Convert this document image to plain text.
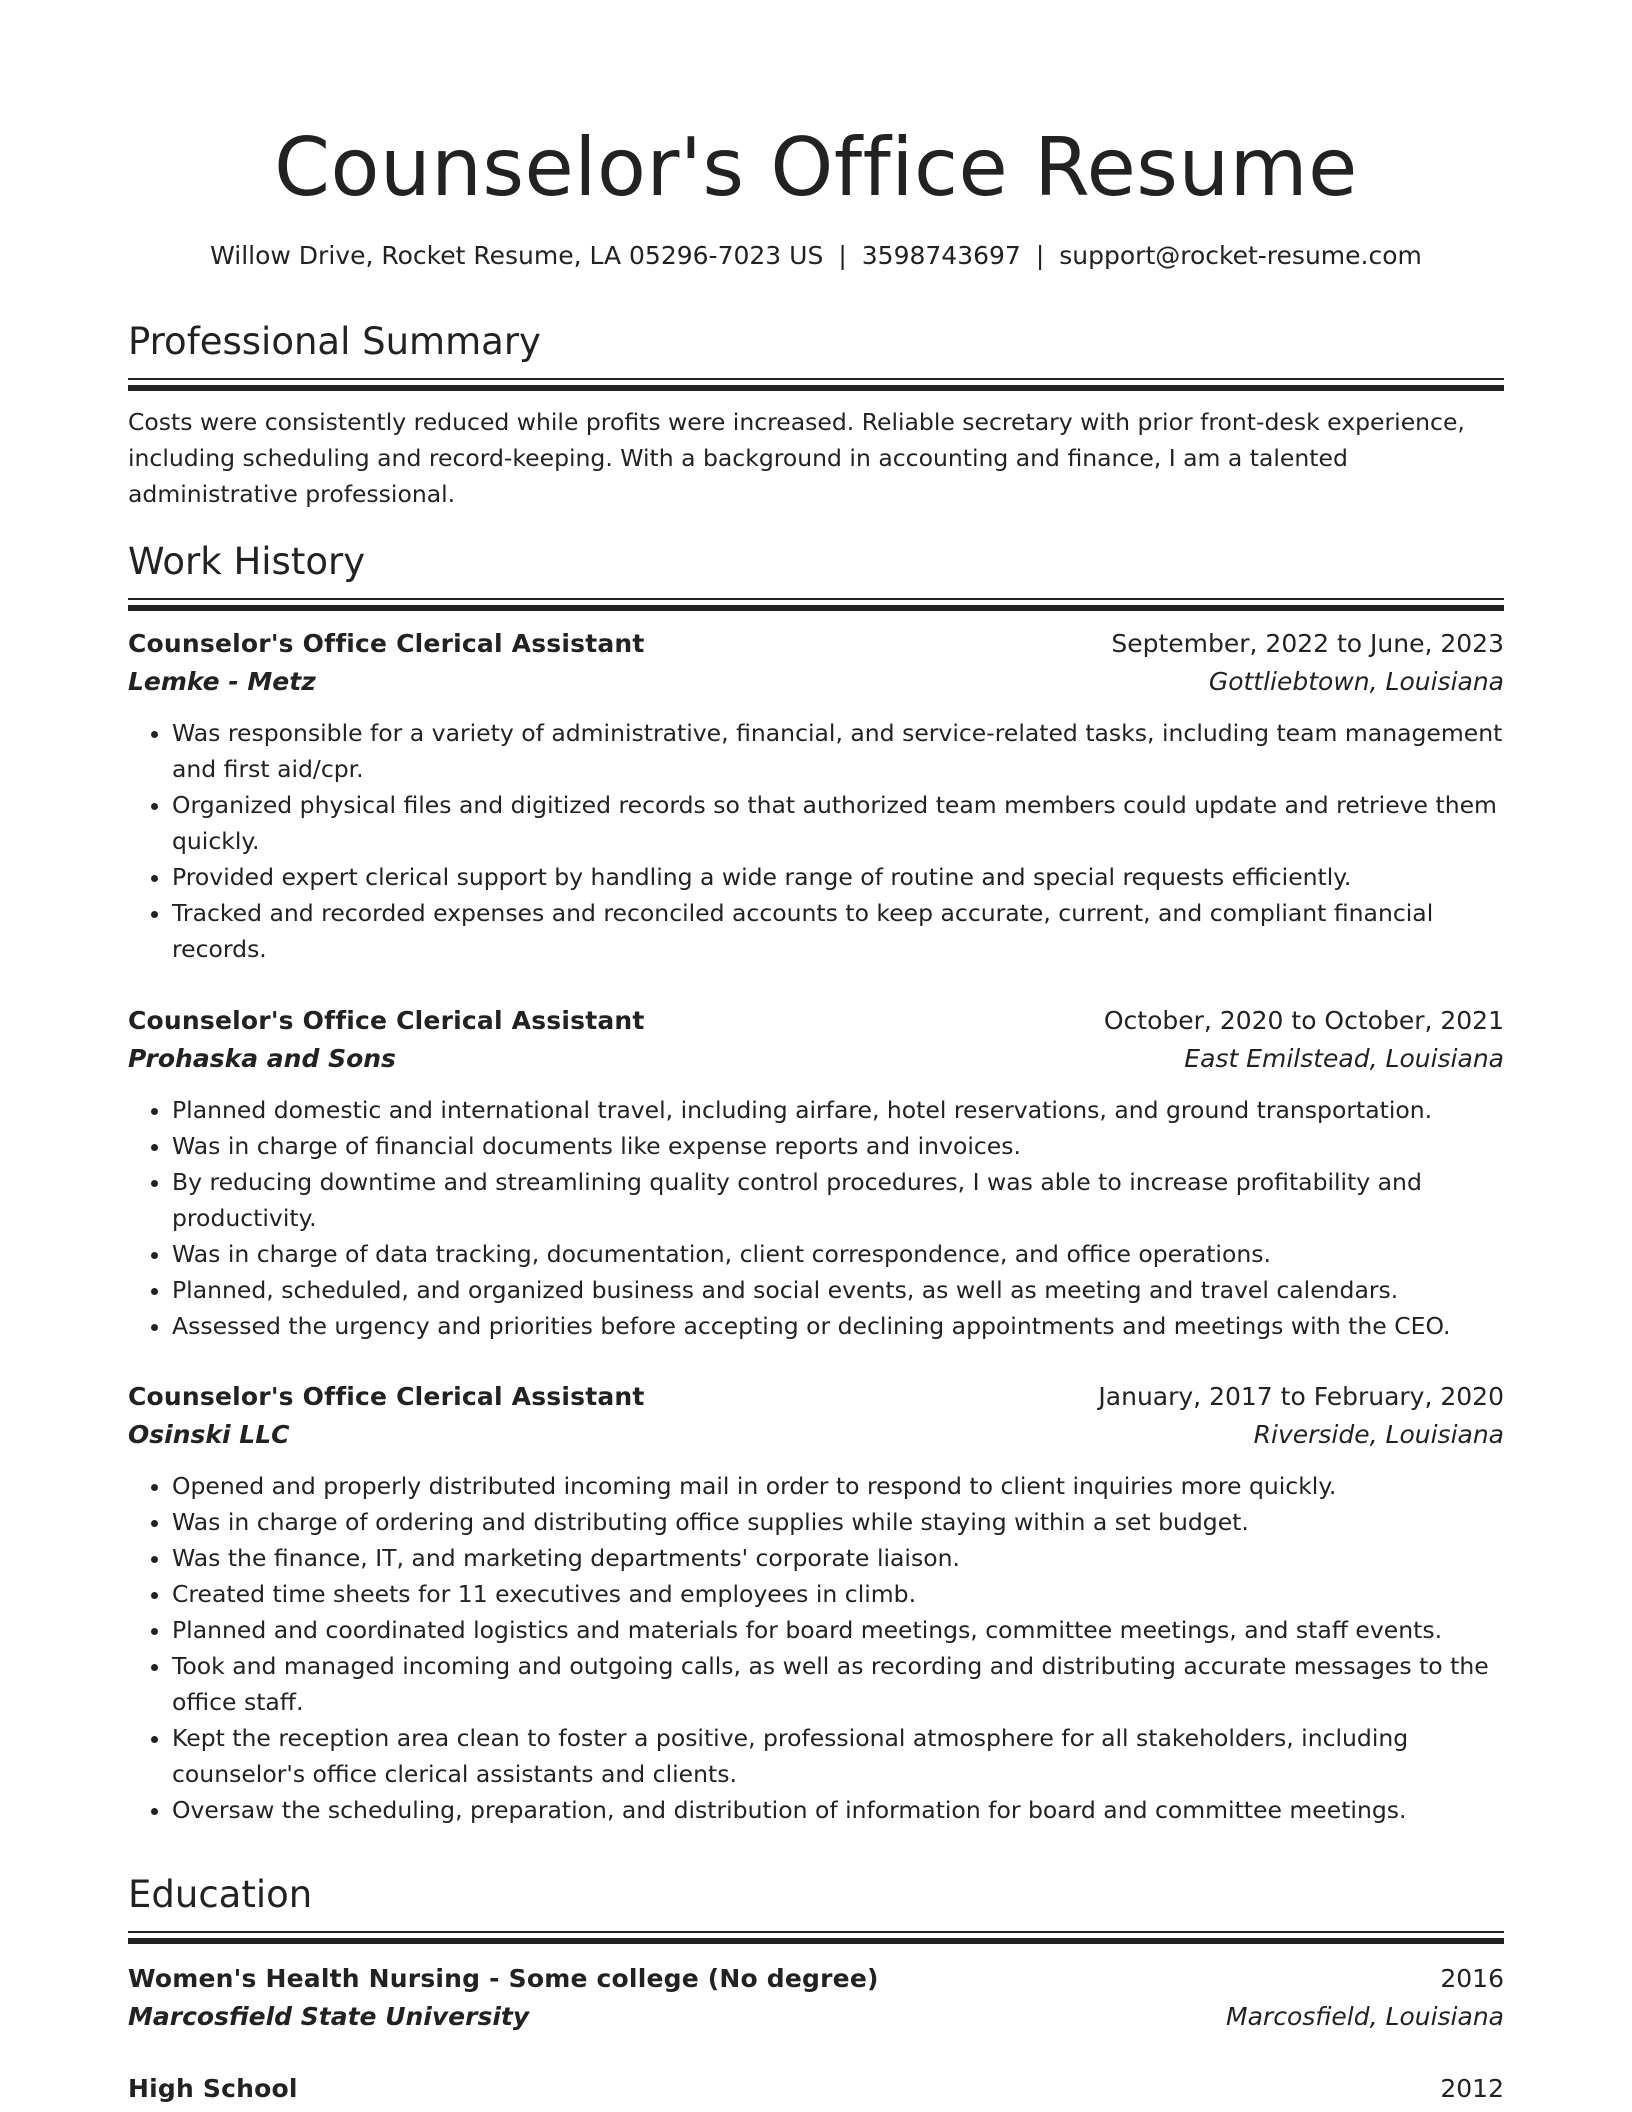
Counselor's Office Resume
Willow Drive, Rocket Resume, LA 05296-7023 US | 3598743697 | support@rocket-resume.com
Professional Summary
Costs were consistently reduced while profits were increased. Reliable secretary with prior front-desk experience, including scheduling and record-keeping. With a background in accounting and finance, I am a talented administrative professional.
Work History
Counselor's Office Clerical Assistant	September, 2022 to June, 2023
Lemke - Metz	Gottliebtown, Louisiana
• Was responsible for a variety of administrative, financial, and service-related tasks, including team management and first aid/cpr.
• Organized physical files and digitized records so that authorized team members could update and retrieve them quickly.
• Provided expert clerical support by handling a wide range of routine and special requests efficiently.
• Tracked and recorded expenses and reconciled accounts to keep accurate, current, and compliant financial records.
Counselor's Office Clerical Assistant	October, 2020 to October, 2021
Prohaska and Sons	East Emilstead, Louisiana
• Planned domestic and international travel, including airfare, hotel reservations, and ground transportation.
• Was in charge of financial documents like expense reports and invoices.
• By reducing downtime and streamlining quality control procedures, I was able to increase profitability and productivity.
• Was in charge of data tracking, documentation, client correspondence, and office operations.
• Planned, scheduled, and organized business and social events, as well as meeting and travel calendars.
• Assessed the urgency and priorities before accepting or declining appointments and meetings with the CEO.
Counselor's Office Clerical Assistant	January, 2017 to February, 2020
Osinski LLC	Riverside, Louisiana
• Opened and properly distributed incoming mail in order to respond to client inquiries more quickly.
• Was in charge of ordering and distributing office supplies while staying within a set budget.
• Was the finance, IT, and marketing departments' corporate liaison.
• Created time sheets for 11 executives and employees in climb.
• Planned and coordinated logistics and materials for board meetings, committee meetings, and staff events.
• Took and managed incoming and outgoing calls, as well as recording and distributing accurate messages to the office staff.
• Kept the reception area clean to foster a positive, professional atmosphere for all stakeholders, including counselor's office clerical assistants and clients.
• Oversaw the scheduling, preparation, and distribution of information for board and committee meetings.
Education
Women's Health Nursing - Some college (No degree)	2016
Marcosfield State University	Marcosfield, Louisiana
High School	2012
